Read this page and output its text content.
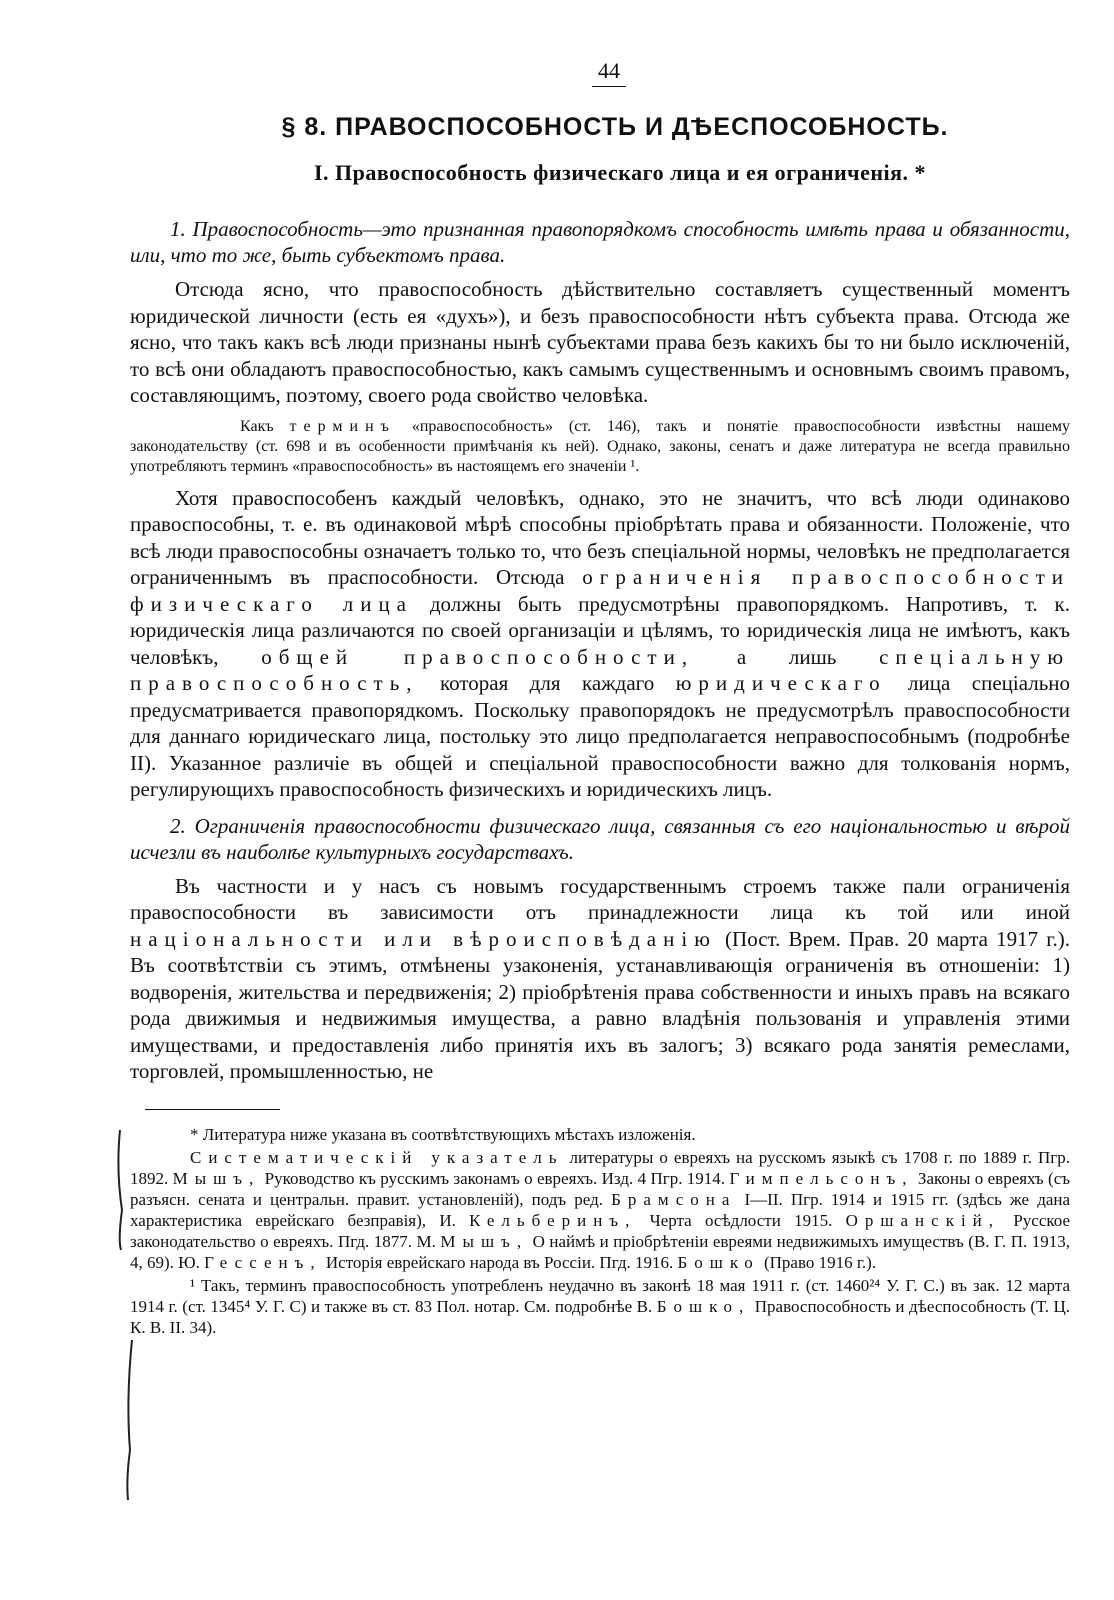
44
§ 8. ПРАВОСПОСОБНОСТЬ И ДѢЕСПОСОБНОСТЬ.
I. Правоспособность физическаго лица и ея ограниченія. *
1. Правоспособность—это признанная правопорядкомъ способность имѣть права и обязанности, или, что то же, быть субъектомъ права.
Отсюда ясно, что правоспособность дѣйствительно составляетъ существенный моментъ юридической личности (есть ея «духъ»), и безъ правоспособности нѣтъ субъекта права. Отсюда же ясно, что такъ какъ всѣ люди признаны нынѣ субъектами права безъ какихъ бы то ни было исключеній, то всѣ они обладаютъ правоспособностью, какъ самымъ существеннымъ и основнымъ своимъ правомъ, составляющимъ, поэтому, своего рода свойство человѣка.
Какъ терминъ «правоспособность» (ст. 146), такъ и понятіе правоспособности извѣстны нашему законодательству (ст. 698 и въ особенности примѣчанія къ ней). Однако, законы, сенатъ и даже литература не всегда правильно употребляютъ терминъ «правоспособность» въ настоящемъ его значеніи ¹.
Хотя правоспособенъ каждый человѣкъ, однако, это не значитъ, что всѣ люди одинаково правоспособны, т. е. въ одинаковой мѣрѣ способны пріобрѣтать права и обязанности. Положеніе, что всѣ люди правоспособны означаетъ только то, что безъ спеціальной нормы, человѣкъ не предполагается ограниченнымъ въ праспособности. Отсюда ограниченія правоспособности физическаго лица должны быть предусмотрѣны правопорядкомъ. Напротивъ, т. к. юридическія лица различаются по своей организаціи и цѣлямъ, то юридическія лица не имѣютъ, какъ человѣкъ, общей правоспособности, а лишь спеціальную правоспособность, которая для каждаго юридическаго лица спеціально предусматривается правопорядкомъ. Поскольку правопорядокъ не предусмотрѣлъ правоспособности для даннаго юридическаго лица, постольку это лицо предполагается неправоспособнымъ (подробнѣе II). Указанное различіе въ общей и спеціальной правоспособности важно для толкованія нормъ, регулирующихъ правоспособность физическихъ и юридическихъ лицъ.
2. Ограниченія правоспособности физическаго лица, связанныя съ его національностью и вѣрой исчезли въ наиболѣе культурныхъ государствахъ.
Въ частности и у насъ съ новымъ государственнымъ строемъ также пали ограниченія правоспособности въ зависимости отъ принадлежности лица къ той или иной національности или вѣроисповѣданію (Пост. Врем. Прав. 20 марта 1917 г.). Въ соотвѣтствіи съ этимъ, отмѣнены узаконенія, устанавливающія ограниченія въ отношеніи: 1) водворенія, жительства и передвиженія; 2) пріобрѣтенія права собственности и иныхъ правъ на всякаго рода движимыя и недвижимыя имущества, а равно владѣнія пользованія и управленія этими имуществами, и предоставленія либо принятія ихъ въ залогъ; 3) всякаго рода занятія ремеслами, торговлей, промышленностью, не
* Литература ниже указана въ соотвѣтствующихъ мѣстахъ изложенія.
Систематическій указатель литературы о евреяхъ на русскомъ языкѣ съ 1708 г. по 1889 г. Пгр. 1892. Мышъ, Руководство къ русскимъ законамъ о евреяхъ. Изд. 4 Пгр. 1914. Гимпельсонъ, Законы о евреяхъ (съ разъясн. сената и центральн. правит. установленій), подъ ред. Брамсона I—II. Пгр. 1914 и 1915 гг. (здѣсь же дана характеристика еврейскаго безправія), И. Кельберинъ, Черта осѣдлости 1915. Оршанскій, Русское законодательство о евреяхъ. Пгд. 1877. М. Мышъ, О наймѣ и пріобрѣтеніи евреями недвижимыхъ имуществъ (В. Г. П. 1913, 4, 69). Ю. Гессенъ, Исторія еврейскаго народа въ Россіи. Пгд. 1916. Бошко (Право 1916 г.).
¹ Такъ, терминъ правоспособность употребленъ неудачно въ законѣ 18 мая 1911 г. (ст. 1460²⁴ У. Г. С.) въ зак. 12 марта 1914 г. (ст. 1345⁴ У. Г. С) и также въ ст. 83 Пол. нотар. См. подробнѣе В. Бошко, Правоспособность и дѣеспособность (Т. Ц. К. В. II. 34).
